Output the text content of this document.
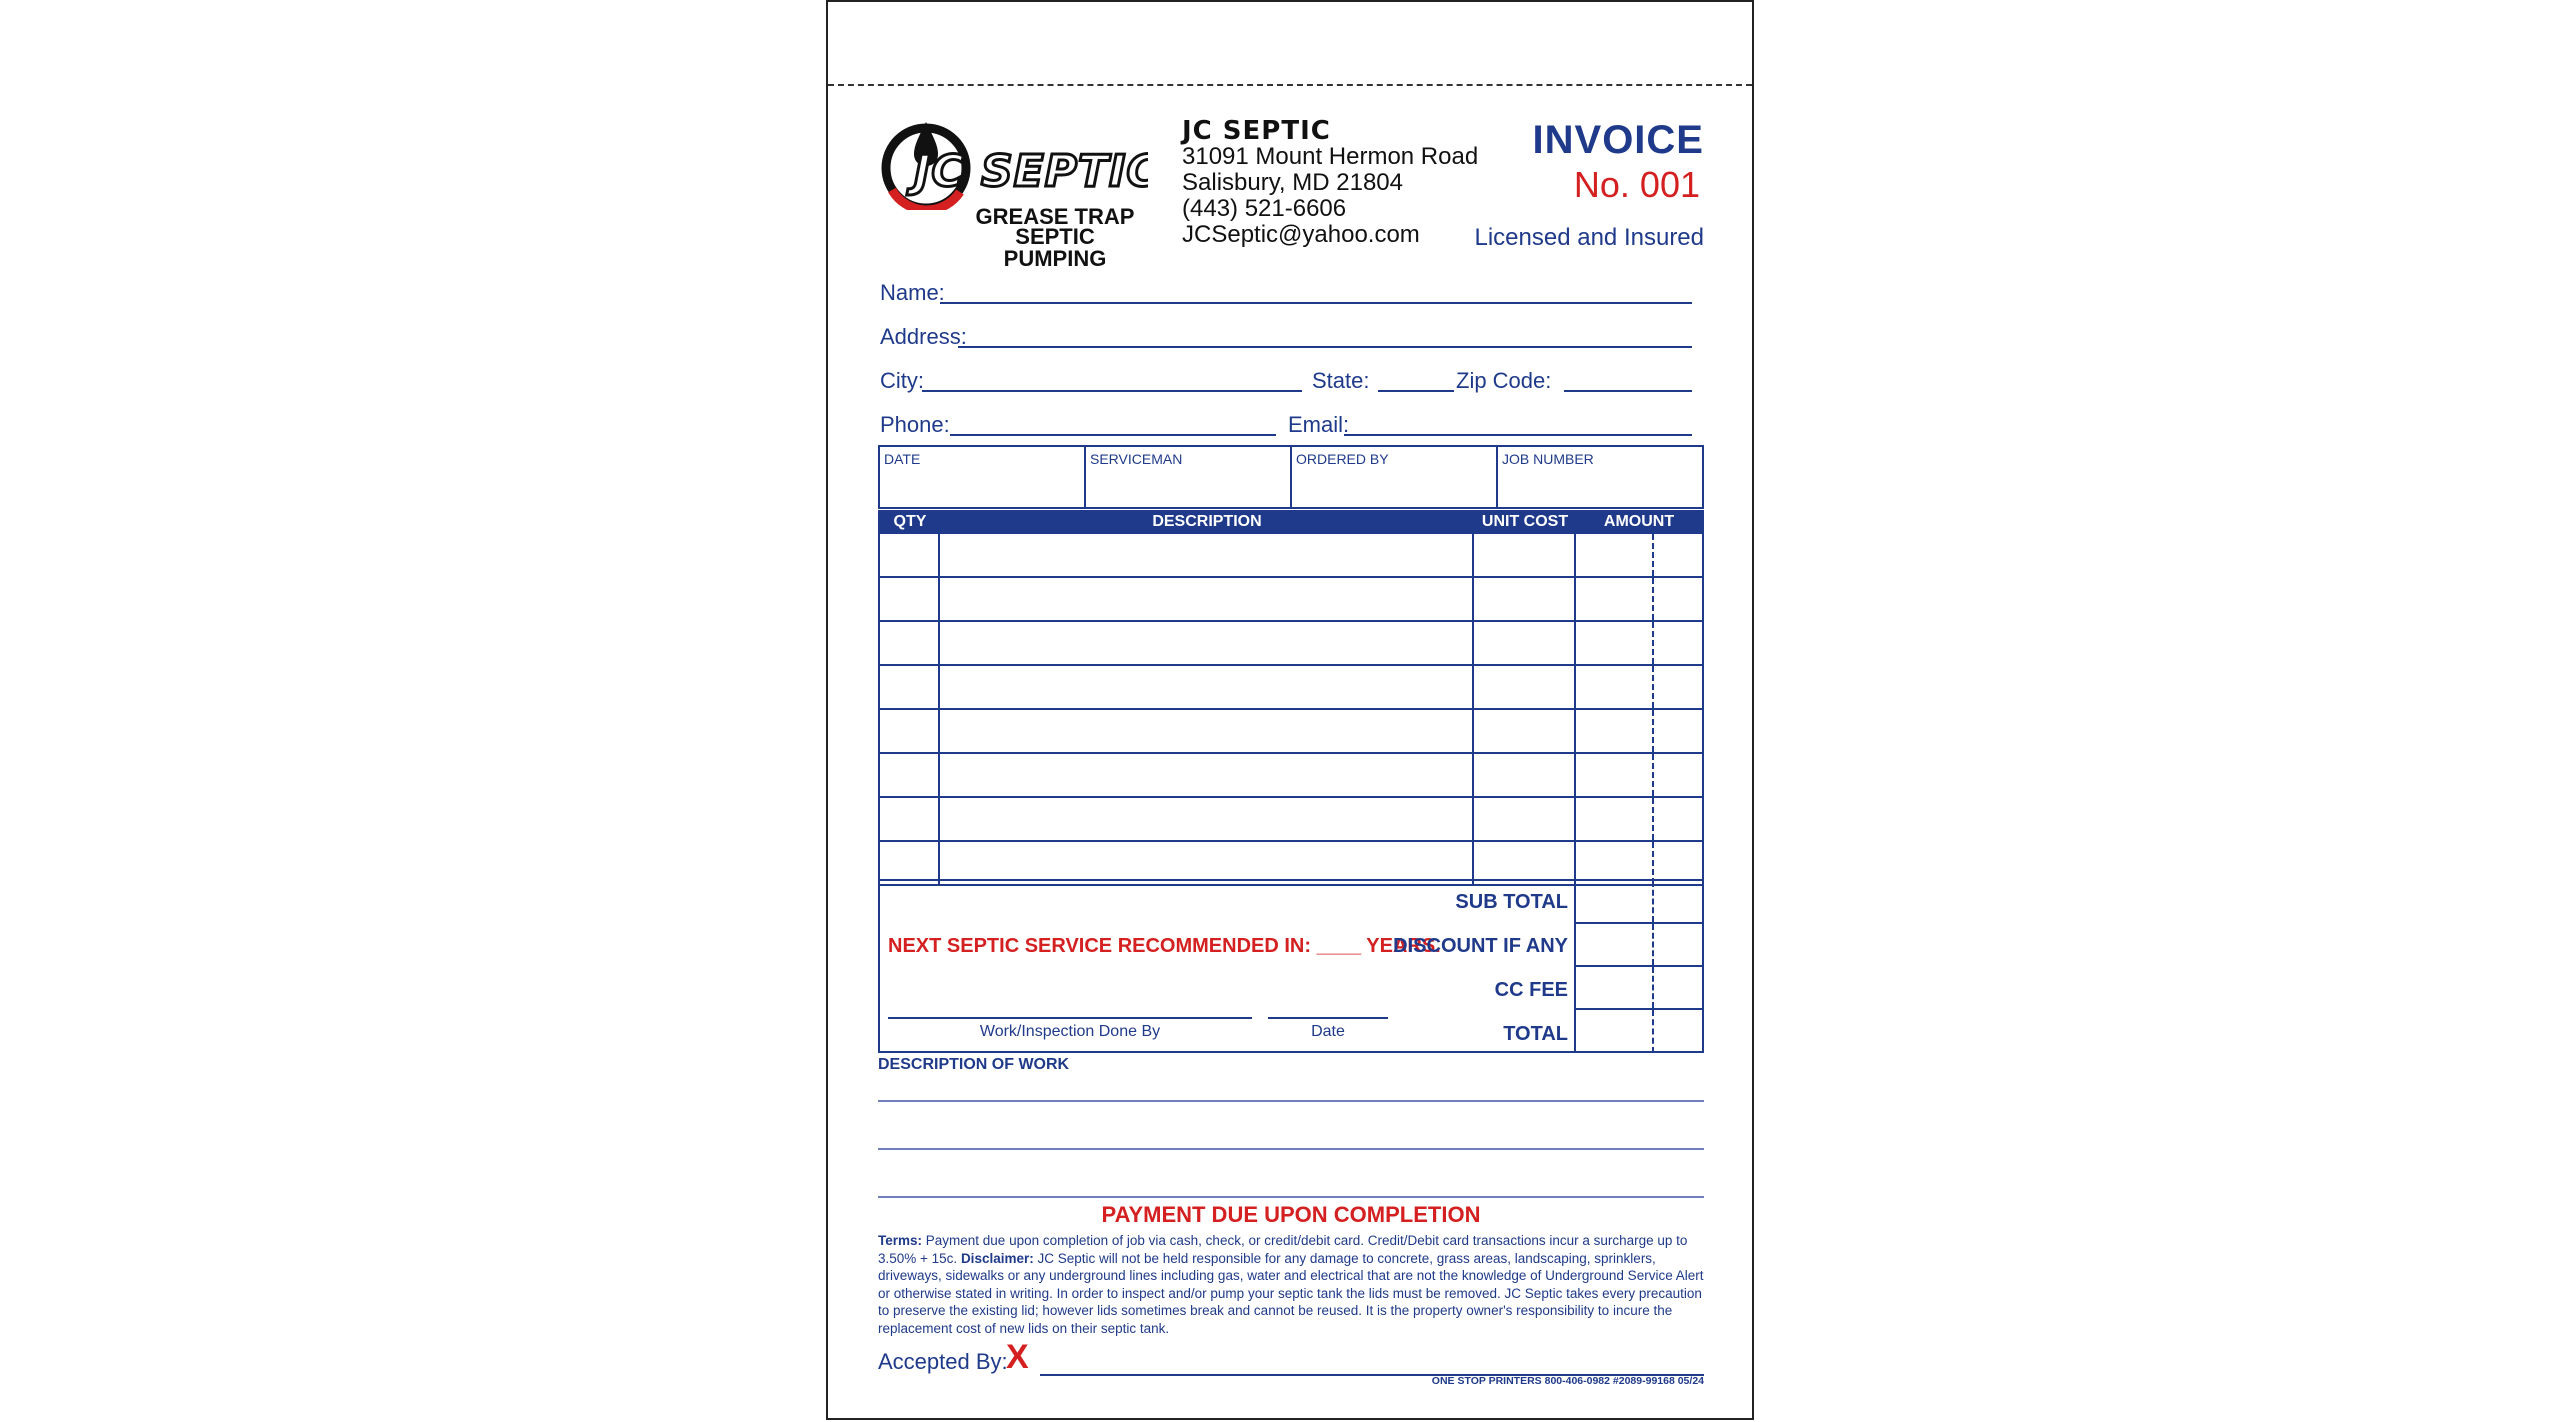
JC SEPTIC
GREASE TRAP
SEPTIC PUMPING
JC SEPTIC
31091 Mount Hermon Road
Salisbury, MD 21804
(443) 521-6606
JCSeptic@yahoo.com
INVOICE
No. 001
Licensed and Insured
Name:
Address:
City:	State:	Zip Code:
Phone:	Email:
DATE	SERVICEMAN	ORDERED BY	JOB NUMBER
QTY	DESCRIPTION	UNIT COST	AMOUNT
NEXT SEPTIC SERVICE RECOMMENDED IN: ____ YEARS.
SUB TOTAL
DISCOUNT IF ANY
CC FEE
TOTAL
Work/Inspection Done By	Date
DESCRIPTION OF WORK
PAYMENT DUE UPON COMPLETION
Terms: Payment due upon completion of job via cash, check, or credit/debit card. Credit/Debit card transactions incur a surcharge up to 3.50% + 15c. Disclaimer: JC Septic will not be held responsible for any damage to concrete, grass areas, landscaping, sprinklers, driveways, sidewalks or any underground lines including gas, water and electrical that are not the knowledge of Underground Service Alert or otherwise stated in writing. In order to inspect and/or pump your septic tank the lids must be removed. JC Septic takes every precaution to preserve the existing lid; however lids sometimes break and cannot be reused. It is the property owner's responsibility to incure the replacement cost of new lids on their septic tank.
Accepted By:
X
ONE STOP PRINTERS 800-406-0982 #2089-99168 05/24
